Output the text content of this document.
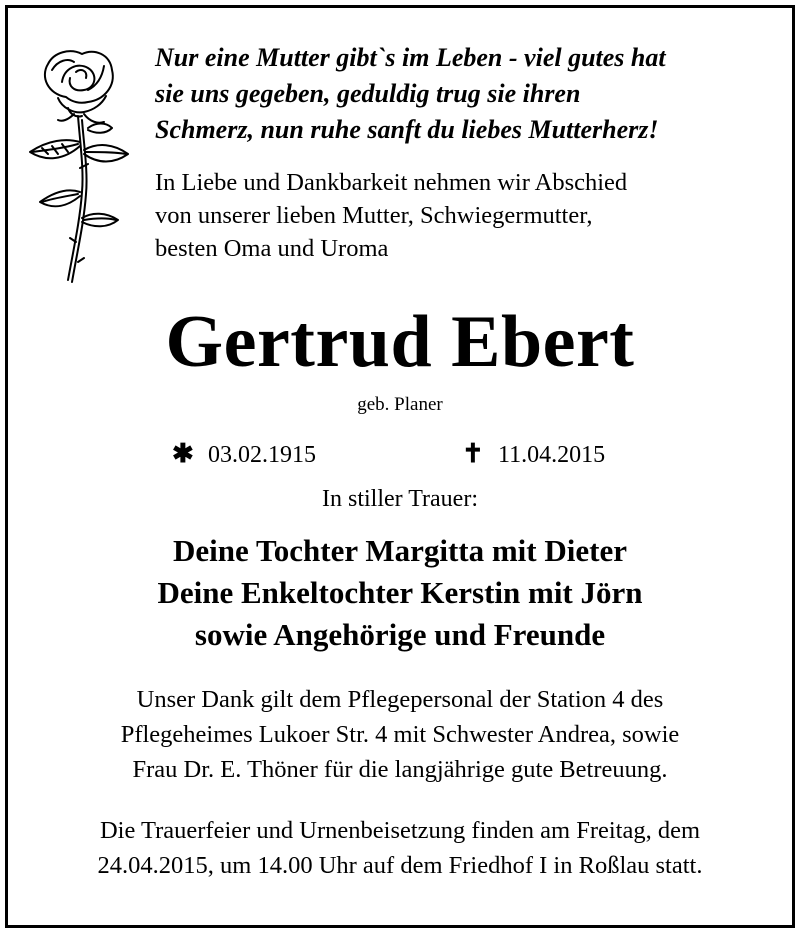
Nur eine Mutter gibt`s im Leben - viel gutes hat
sie uns gegeben, geduldig trug sie ihren
Schmerz, nun ruhe sanft du liebes Mutterherz!
In Liebe und Dankbarkeit nehmen wir Abschied
von unserer lieben Mutter, Schwiegermutter,
besten Oma und Uroma
Gertrud Ebert
geb. Planer
✱ 03.02.1915	✝ 11.04.2015
In stiller Trauer:
Deine Tochter Margitta mit Dieter
Deine Enkeltochter Kerstin mit Jörn
sowie Angehörige und Freunde
Unser Dank gilt dem Pflegepersonal der Station 4 des
Pflegeheimes Lukoer Str. 4 mit Schwester Andrea, sowie
Frau Dr. E. Thöner für die langjährige gute Betreuung.
Die Trauerfeier und Urnenbeisetzung finden am Freitag, dem
24.04.2015, um 14.00 Uhr auf dem Friedhof I in Roßlau statt.
